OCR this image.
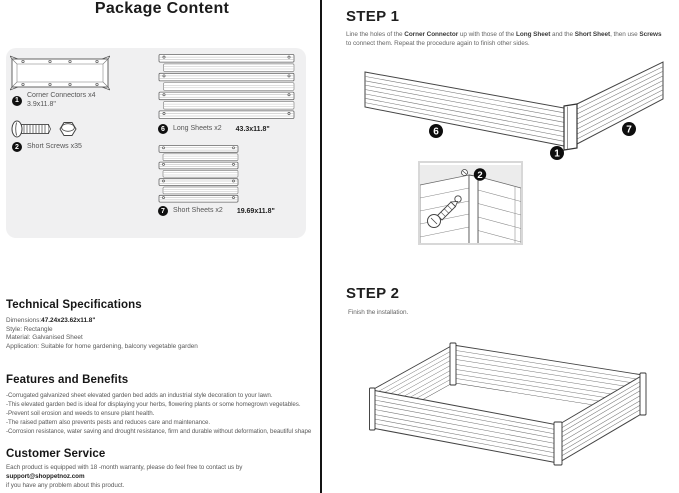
Package Content
1
Corner Connectors x4
3.9x11.8"
2	Short Screws x35
6	Long Sheets x2 43.3x11.8"
7	Short Sheets x2 19.69x11.8"
Technical Specifications
Dimensions:47.24x23.62x11.8"
Style: Rectangle
Material: Galvanised Sheet
Application: Suitable for home gardening, balcony vegetable garden
Features and Benefits
-Corrugated galvanized sheet elevated garden bed adds an industrial style decoration to your lawn.
-This elevated garden bed is ideal for displaying your herbs, flowering plants or some homegrown vegetables.
-Prevent soil erosion and weeds to ensure plant health.
-The raised pattern also prevents pests and reduces care and maintenance.
-Corrosion resistance, water saving and drought resistance, firm and durable without deformation, beautiful shape
Customer Service
Each product is equipped with 18 -month warranty, please do feel free to contact us by support@shoppetnoz.com
if you have any problem about this product.
STEP 1
Line the holes of the Corner Connector up with those of the Long Sheet and the Short Sheet, then use Screws
to connect them. Repeat the procedure again to finish other sides.
6
1
7
2
STEP 2
Finish the installation.
